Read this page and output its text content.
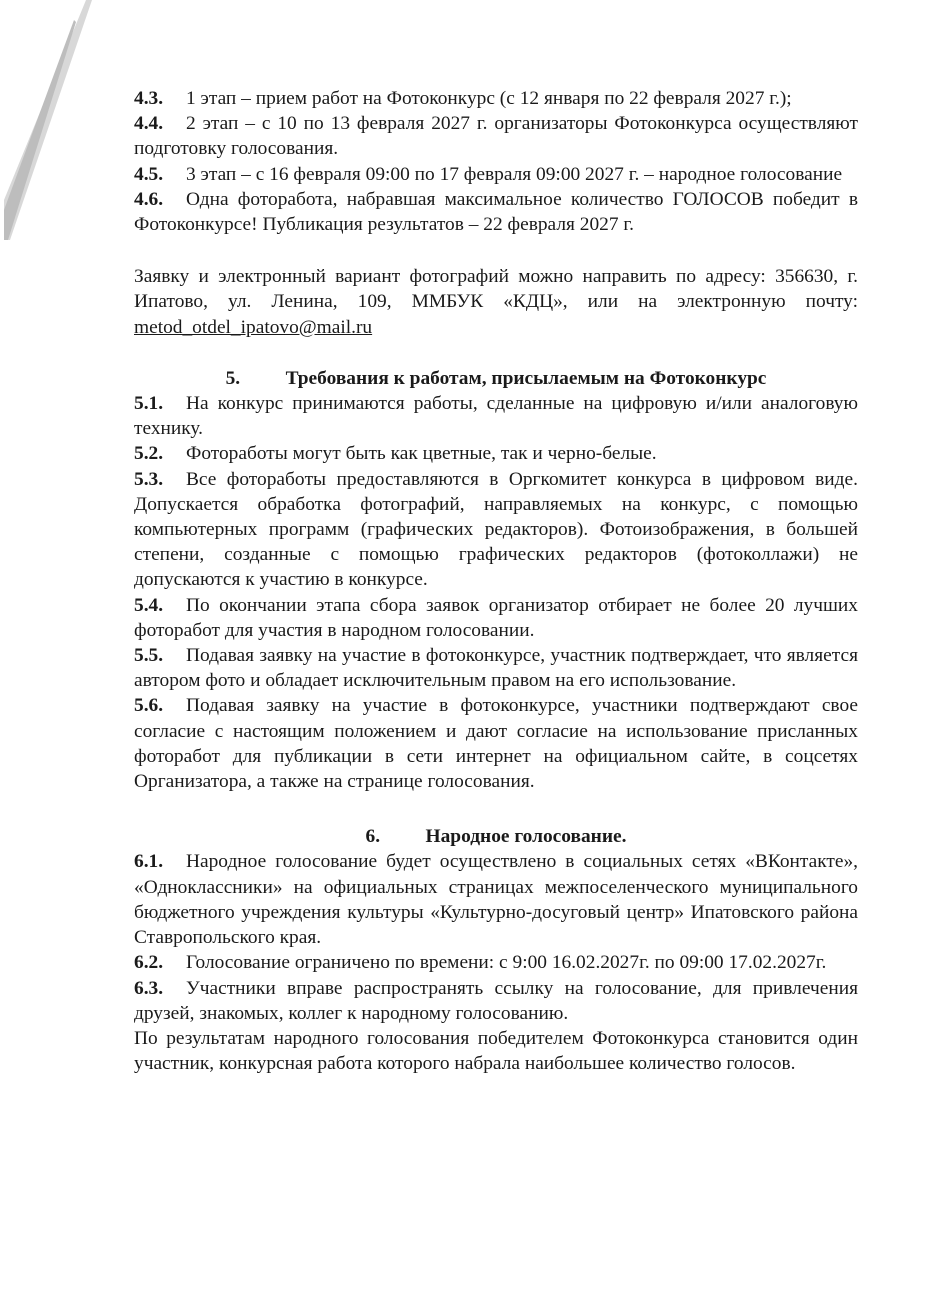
4.3. 1 этап – прием работ на Фотоконкурс (с 12 января по 22 февраля 2027 г.);

4.4. 2 этап – с 10 по 13 февраля 2027 г. организаторы Фотоконкурса осуществляют подготовку голосования.

4.5. 3 этап – с 16 февраля 09:00 по 17 февраля 09:00 2027 г. – народное голосование

4.6. Одна фоторабота, набравшая максимальное количество ГОЛОСОВ победит в Фотоконкурсе! Публикация результатов – 22 февраля 2027 г.

Заявку и электронный вариант фотографий можно направить по адресу: 356630, г. Ипатово, ул. Ленина, 109, ММБУК «КДЦ», или на электронную почту: metod_otdel_ipatovo@mail.ru

5. Требования к работам, присылаемым на Фотоконкурс

5.1. На конкурс принимаются работы, сделанные на цифровую и/или аналоговую технику.

5.2. Фотоработы могут быть как цветные, так и черно-белые.

5.3. Все фоторабoты предоставляются в Оргкомитет конкурса в цифровом виде. Допускается обработка фотографий, направляемых на конкурс, с помощью компьютерных программ (графических редакторов). Фотоизображения, в большей степени, созданные с помощью графических редакторов (фотоколлажи) не допускаются к участию в конкурсе.

5.4. По окончании этапа сбора заявок организатор отбирает не более 20 лучших фоторабот для участия в народном голосовании.

5.5. Подавая заявку на участие в фотоконкурсе, участник подтверждает, что является автором фото и обладает исключительным правом на его использование.

5.6. Подавая заявку на участие в фотоконкурсе, участники подтверждают свое согласие с настоящим положением и дают согласие на использование присланных фоторабот для публикации в сети интернет на официальном сайте, в соцсетях Организатора, а также на странице голосования.

6. Народное голосование.

6.1. Народное голосование будет осуществлено в социальных сетях «ВКонтакте», «Одноклассники» на официальных страницах межпоселенческого муниципального бюджетного учреждения культуры «Культурно-досуговый центр» Ипатовского района Ставропольского края.

6.2. Голосование ограничено по времени: с 9:00 16.02.2027г. по 09:00 17.02.2027г.

6.3. Участники вправе распространять ссылку на голосование, для привлечения друзей, знакомых, коллег к народному голосованию.

По результатам народного голосования победителем Фотоконкурса становится один участник, конкурсная работа которого набрала наибольшее количество голосов.
